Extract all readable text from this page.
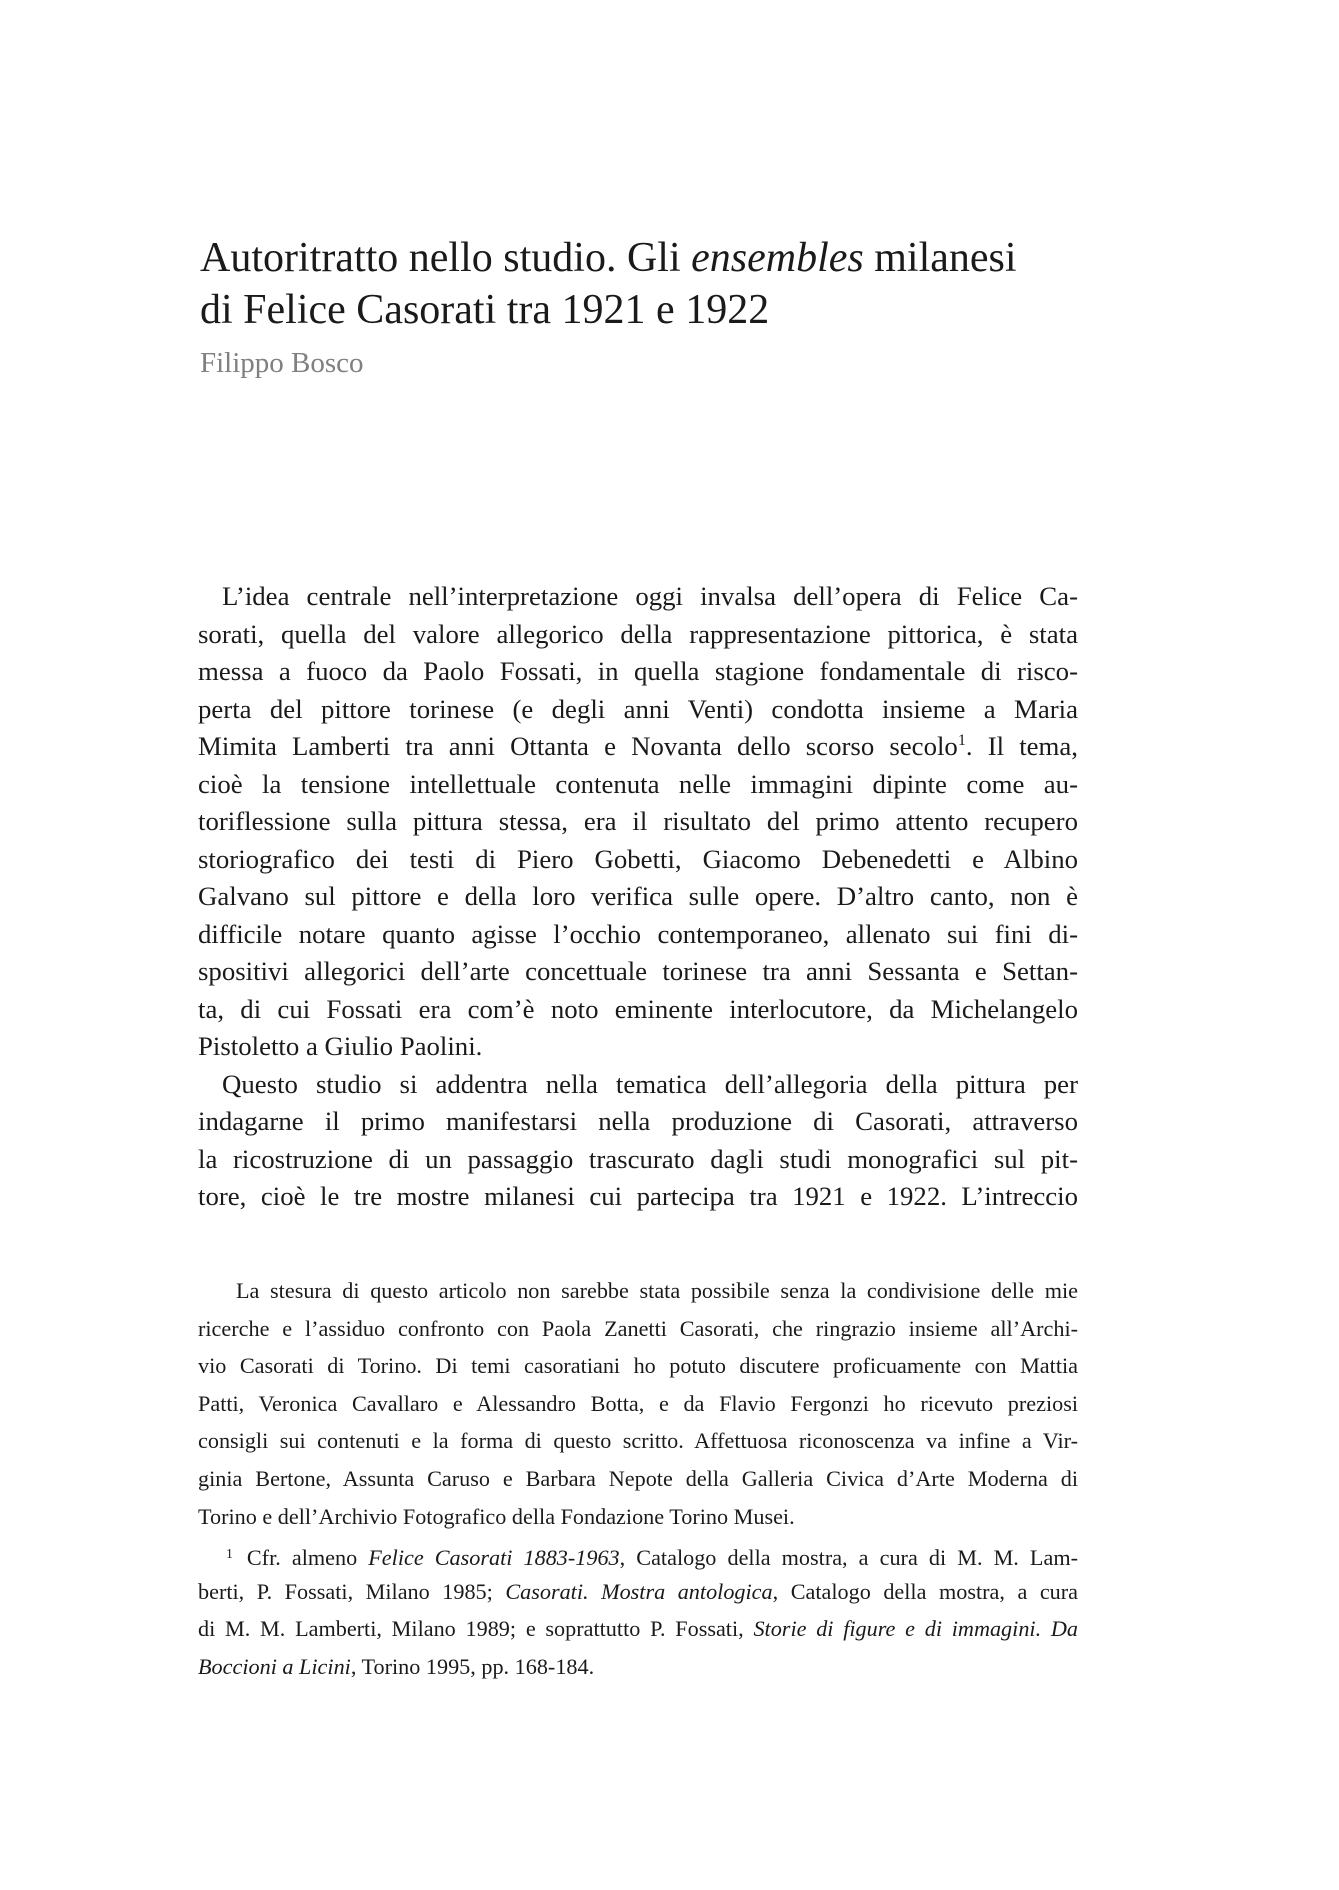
Autoritratto nello studio. Gli ensembles milanesi
di Felice Casorati tra 1921 e 1922

Filippo Bosco

L’idea centrale nell’interpretazione oggi invalsa dell’opera di Felice Ca-
sorati, quella del valore allegorico della rappresentazione pittorica, è stata
messa a fuoco da Paolo Fossati, in quella stagione fondamentale di risco-
perta del pittore torinese (e degli anni Venti) condotta insieme a Maria
Mimita Lamberti tra anni Ottanta e Novanta dello scorso secolo$^1$. Il tema,
cioè la tensione intellettuale contenuta nelle immagini dipinte come au-
toriflessione sulla pittura stessa, era il risultato del primo attento recupero
storiografico dei testi di Piero Gobetti, Giacomo Debenedetti e Albino
Galvano sul pittore e della loro verifica sulle opere. D’altro canto, non è
difficile notare quanto agisse l’occhio contemporaneo, allenato sui fini di-
spositivi allegorici dell’arte concettuale torinese tra anni Sessanta e Settan-
ta, di cui Fossati era com’è noto eminente interlocutore, da Michelangelo
Pistoletto a Giulio Paolini.
Questo studio si addentra nella tematica dell’allegoria della pittura per
indagarne il primo manifestarsi nella produzione di Casorati, attraverso
la ricostruzione di un passaggio trascurato dagli studi monografici sul pit-
tore, cioè le tre mostre milanesi cui partecipa tra 1921 e 1922. L’intreccio
La stesura di questo articolo non sarebbe stata possibile senza la condivisione delle mie
ricerche e l’assiduo confronto con Paola Zanetti Casorati, che ringrazio insieme all’Archi-
vio Casorati di Torino. Di temi casoratiani ho potuto discutere proficuamente con Mattia
Patti, Veronica Cavallaro e Alessandro Botta, e da Flavio Fergonzi ho ricevuto preziosi
consigli sui contenuti e la forma di questo scritto. Affettuosa riconoscenza va infine a Vir-
ginia Bertone, Assunta Caruso e Barbara Nepote della Galleria Civica d’Arte Moderna di
Torino e dell’Archivio Fotografico della Fondazione Torino Musei.
$^1$ Cfr. almeno Felice Casorati 1883-1963, Catalogo della mostra, a cura di M. M. Lam-
berti, P. Fossati, Milano 1985; Casorati. Mostra antologica, Catalogo della mostra, a cura
di M. M. Lamberti, Milano 1989; e soprattutto P. Fossati, Storie di figure e di immagini. Da
Boccioni a Licini, Torino 1995, pp. 168-184.
